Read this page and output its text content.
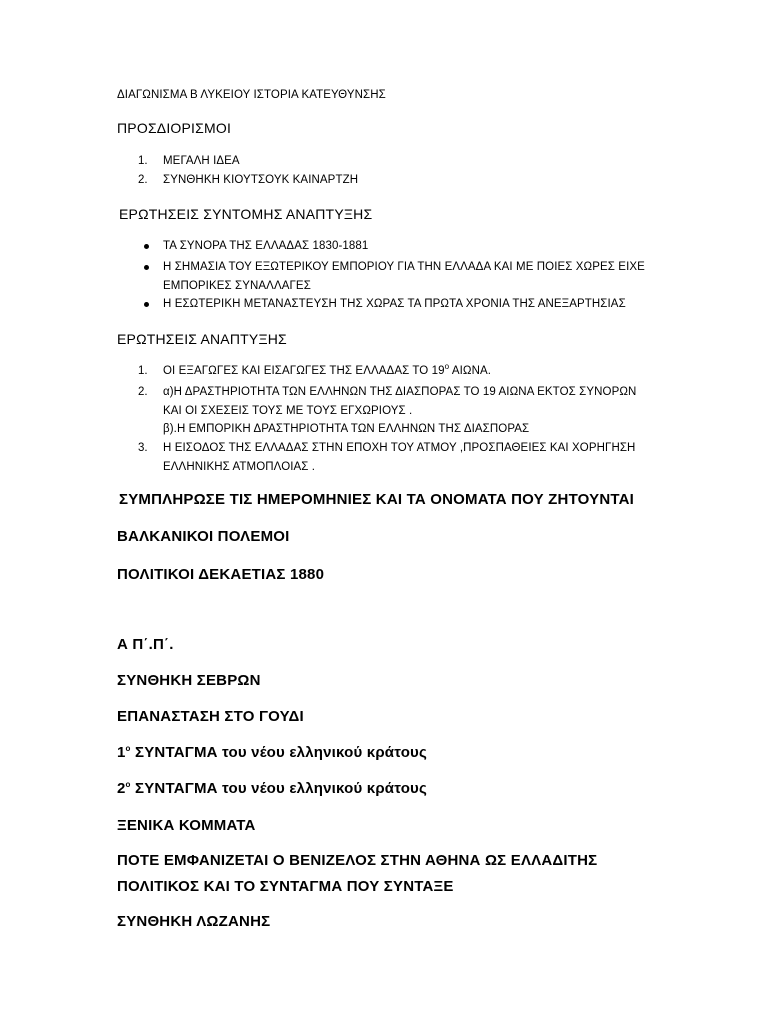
ΔΙΑΓΩΝΙΣΜΑ Β ΛΥΚΕΙΟΥ ΙΣΤΟΡΙΑ ΚΑΤΕΥΘΥΝΣΗΣ
ΠΡΟΣΔΙΟΡΙΣΜΟΙ
1. ΜΕΓΑΛΗ ΙΔΕΑ
2. ΣΥΝΘΗΚΗ ΚΙΟΥΤΣΟΥΚ ΚΑΙΝΑΡΤΖΗ
ΕΡΩΤΗΣΕΙΣ ΣΥΝΤΟΜΗΣ ΑΝΑΠΤΥΞΗΣ
ΤΑ ΣΥΝΟΡΑ ΤΗΣ ΕΛΛΑΔΑΣ 1830-1881
Η ΣΗΜΑΣΙΑ ΤΟΥ ΕΞΩΤΕΡΙΚΟΥ ΕΜΠΟΡΙΟΥ ΓΙΑ ΤΗΝ ΕΛΛΑΔΑ ΚΑΙ ΜΕ ΠΟΙΕΣ ΧΩΡΕΣ ΕΙΧΕ
ΕΜΠΟΡΙΚΕΣ ΣΥΝΑΛΛΑΓΕΣ
Η ΕΣΩΤΕΡΙΚΗ ΜΕΤΑΝΑΣΤΕΥΣΗ ΤΗΣ ΧΩΡΑΣ ΤΑ ΠΡΩΤΑ ΧΡΟΝΙΑ ΤΗΣ ΑΝΕΞΑΡΤΗΣΙΑΣ
ΕΡΩΤΗΣΕΙΣ ΑΝΑΠΤΥΞΗΣ
1. ΟΙ ΕΞΑΓΩΓΕΣ ΚΑΙ ΕΙΣΑΓΩΓΕΣ ΤΗΣ ΕΛΛΑΔΑΣ ΤΟ $19^o$ ΑΙΩΝΑ.
2. α)Η ΔΡΑΣΤΗΡΙΟΤΗΤΑ ΤΩΝ ΕΛΛΗΝΩΝ ΤΗΣ ΔΙΑΣΠΟΡΑΣ ΤΟ 19 ΑΙΩΝΑ ΕΚΤΟΣ ΣΥΝΟΡΩΝ
ΚΑΙ ΟΙ ΣΧΕΣΕΙΣ ΤΟΥΣ ΜΕ ΤΟΥΣ ΕΓΧΩΡΙΟΥΣ .
β).Η ΕΜΠΟΡΙΚΗ ΔΡΑΣΤΗΡΙΟΤΗΤΑ ΤΩΝ ΕΛΛΗΝΩΝ ΤΗΣ ΔΙΑΣΠΟΡΑΣ
3. Η ΕΙΣΟΔΟΣ ΤΗΣ ΕΛΛΑΔΑΣ ΣΤΗΝ ΕΠΟΧΗ ΤΟΥ ΑΤΜΟΥ ,ΠΡΟΣΠΑΘΕΙΕΣ ΚΑΙ ΧΟΡΗΓΗΣΗ
ΕΛΛΗΝΙΚΗΣ ΑΤΜΟΠΛΟΙΑΣ .
ΣΥΜΠΛΗΡΩΣΕ ΤΙΣ ΗΜΕΡΟΜΗΝΙΕΣ ΚΑΙ ΤΑ ΟΝΟΜΑΤΑ ΠΟΥ ΖΗΤΟΥΝΤΑΙ
ΒΑΛΚΑΝΙΚΟΙ ΠΟΛΕΜΟΙ
ΠΟΛΙΤΙΚΟΙ ΔΕΚΑΕΤΙΑΣ 1880
Α Π΄.Π΄.
ΣΥΝΘΗΚΗ ΣΕΒΡΩΝ
ΕΠΑΝΑΣΤΑΣΗ ΣΤΟ ΓΟΥΔΙ
$1^o$ ΣΥΝΤΑΓΜΑ του νέου ελληνικού κράτους
$2^o$ ΣΥΝΤΑΓΜΑ του νέου ελληνικού κράτους
ΞΕΝΙΚΑ ΚΟΜΜΑΤΑ
ΠΟΤΕ ΕΜΦΑΝΙΖΕΤΑΙ Ο ΒΕΝΙΖΕΛΟΣ ΣΤΗΝ ΑΘΗΝΑ ΩΣ ΕΛΛΑΔΙΤΗΣ
ΠΟΛΙΤΙΚΟΣ ΚΑΙ ΤΟ ΣΥΝΤΑΓΜΑ ΠΟΥ ΣΥΝΤΑΞΕ
ΣΥΝΘΗΚΗ ΛΩΖΑΝΗΣ
